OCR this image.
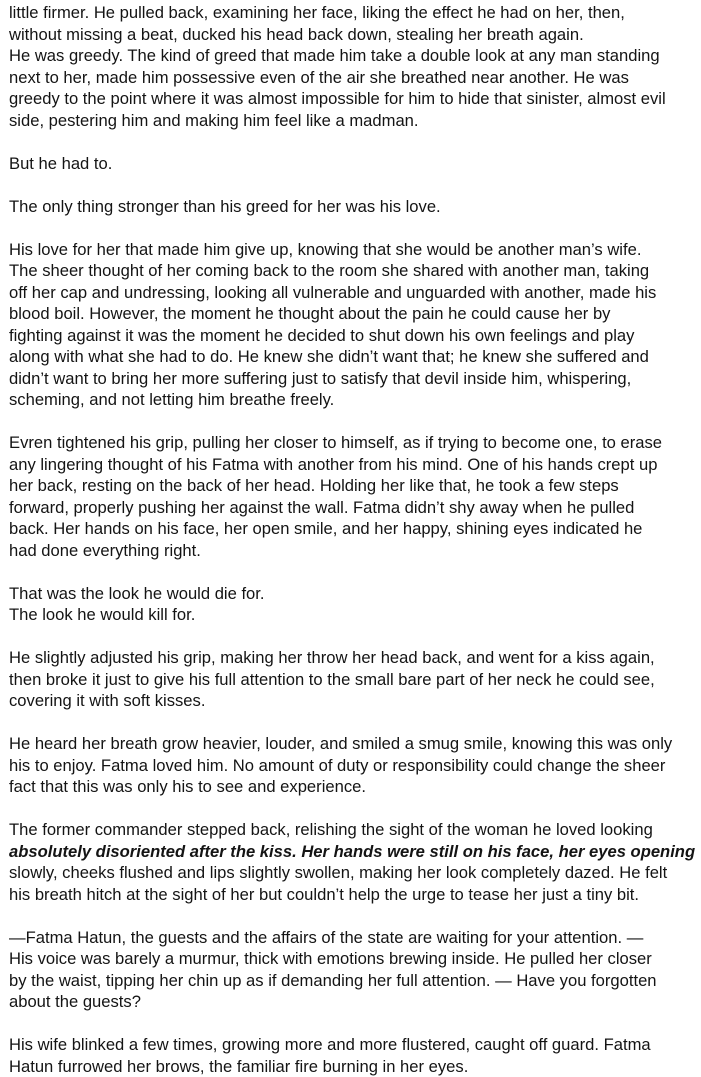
little firmer. He pulled back, examining her face, liking the effect he had on her, then,
without missing a beat, ducked his head back down, stealing her breath again.
He was greedy. The kind of greed that made him take a double look at any man standing
next to her, made him possessive even of the air she breathed near another. He was
greedy to the point where it was almost impossible for him to hide that sinister, almost evil
side, pestering him and making him feel like a madman.
But he had to.
The only thing stronger than his greed for her was his love.
His love for her that made him give up, knowing that she would be another man’s wife.
The sheer thought of her coming back to the room she shared with another man, taking
off her cap and undressing, looking all vulnerable and unguarded with another, made his
blood boil. However, the moment he thought about the pain he could cause her by
fighting against it was the moment he decided to shut down his own feelings and play
along with what she had to do. He knew she didn’t want that; he knew she suffered and
didn’t want to bring her more suffering just to satisfy that devil inside him, whispering,
scheming, and not letting him breathe freely.
Evren tightened his grip, pulling her closer to himself, as if trying to become one, to erase
any lingering thought of his Fatma with another from his mind. One of his hands crept up
her back, resting on the back of her head. Holding her like that, he took a few steps
forward, properly pushing her against the wall. Fatma didn’t shy away when he pulled
back. Her hands on his face, her open smile, and her happy, shining eyes indicated he
had done everything right.
That was the look he would die for.
The look he would kill for.
He slightly adjusted his grip, making her throw her head back, and went for a kiss again,
then broke it just to give his full attention to the small bare part of her neck he could see,
covering it with soft kisses.
He heard her breath grow heavier, louder, and smiled a smug smile, knowing this was only
his to enjoy. Fatma loved him. No amount of duty or responsibility could change the sheer
fact that this was only his to see and experience.
The former commander stepped back, relishing the sight of the woman he loved looking
absolutely disoriented after the kiss. Her hands were still on his face, her eyes opening
slowly, cheeks flushed and lips slightly swollen, making her look completely dazed. He felt
his breath hitch at the sight of her but couldn’t help the urge to tease her just a tiny bit.
—Fatma Hatun, the guests and the affairs of the state are waiting for your attention. —
His voice was barely a murmur, thick with emotions brewing inside. He pulled her closer
by the waist, tipping her chin up as if demanding her full attention. — Have you forgotten
about the guests?
His wife blinked a few times, growing more and more flustered, caught off guard. Fatma
Hatun furrowed her brows, the familiar fire burning in her eyes.
